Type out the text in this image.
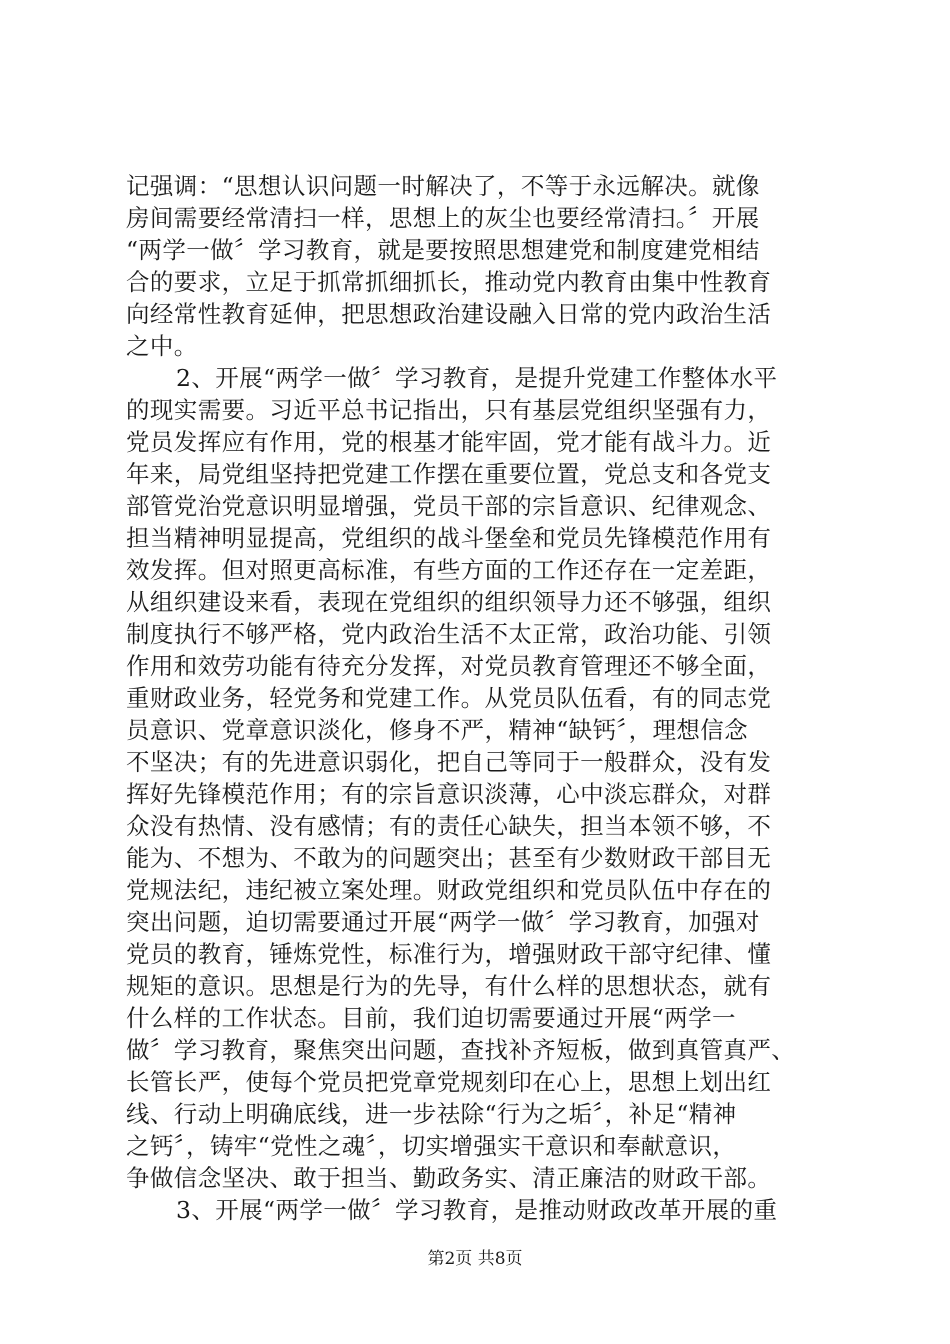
记强调：“思想认识问题一时解决了，不等于永远解决。就像
房间需要经常清扫一样，思想上的灰尘也要经常清扫。〞开展
“两学一做〞学习教育，就是要按照思想建党和制度建党相结
合的要求，立足于抓常抓细抓长，推动党内教育由集中性教育
向经常性教育延伸，把思想政治建设融入日常的党内政治生活
之中。
2、开展“两学一做〞学习教育，是提升党建工作整体水平
的现实需要。习近平总书记指出，只有基层党组织坚强有力，
党员发挥应有作用，党的根基才能牢固，党才能有战斗力。近
年来，局党组坚持把党建工作摆在重要位置，党总支和各党支
部管党治党意识明显增强，党员干部的宗旨意识、纪律观念、
担当精神明显提高，党组织的战斗堡垒和党员先锋模范作用有
效发挥。但对照更高标准，有些方面的工作还存在一定差距，
从组织建设来看，表现在党组织的组织领导力还不够强，组织
制度执行不够严格，党内政治生活不太正常，政治功能、引领
作用和效劳功能有待充分发挥，对党员教育管理还不够全面，
重财政业务，轻党务和党建工作。从党员队伍看，有的同志党
员意识、党章意识淡化，修身不严，精神“缺钙〞，理想信念
不坚决；有的先进意识弱化，把自己等同于一般群众，没有发
挥好先锋模范作用；有的宗旨意识淡薄，心中淡忘群众，对群
众没有热情、没有感情；有的责任心缺失，担当本领不够，不
能为、不想为、不敢为的问题突出；甚至有少数财政干部目无
党规法纪，违纪被立案处理。财政党组织和党员队伍中存在的
突出问题，迫切需要通过开展“两学一做〞学习教育，加强对
党员的教育，锤炼党性，标准行为，增强财政干部守纪律、懂
规矩的意识。思想是行为的先导，有什么样的思想状态，就有
什么样的工作状态。目前，我们迫切需要通过开展“两学一
做〞学习教育，聚焦突出问题，查找补齐短板，做到真管真严、
长管长严，使每个党员把党章党规刻印在心上，思想上划出红
线、行动上明确底线，进一步祛除“行为之垢〞，补足“精神
之钙〞，铸牢“党性之魂〞，切实增强实干意识和奉献意识，
争做信念坚决、敢于担当、勤政务实、清正廉洁的财政干部。
3、开展“两学一做〞学习教育，是推动财政改革开展的重
第2页 共8页
